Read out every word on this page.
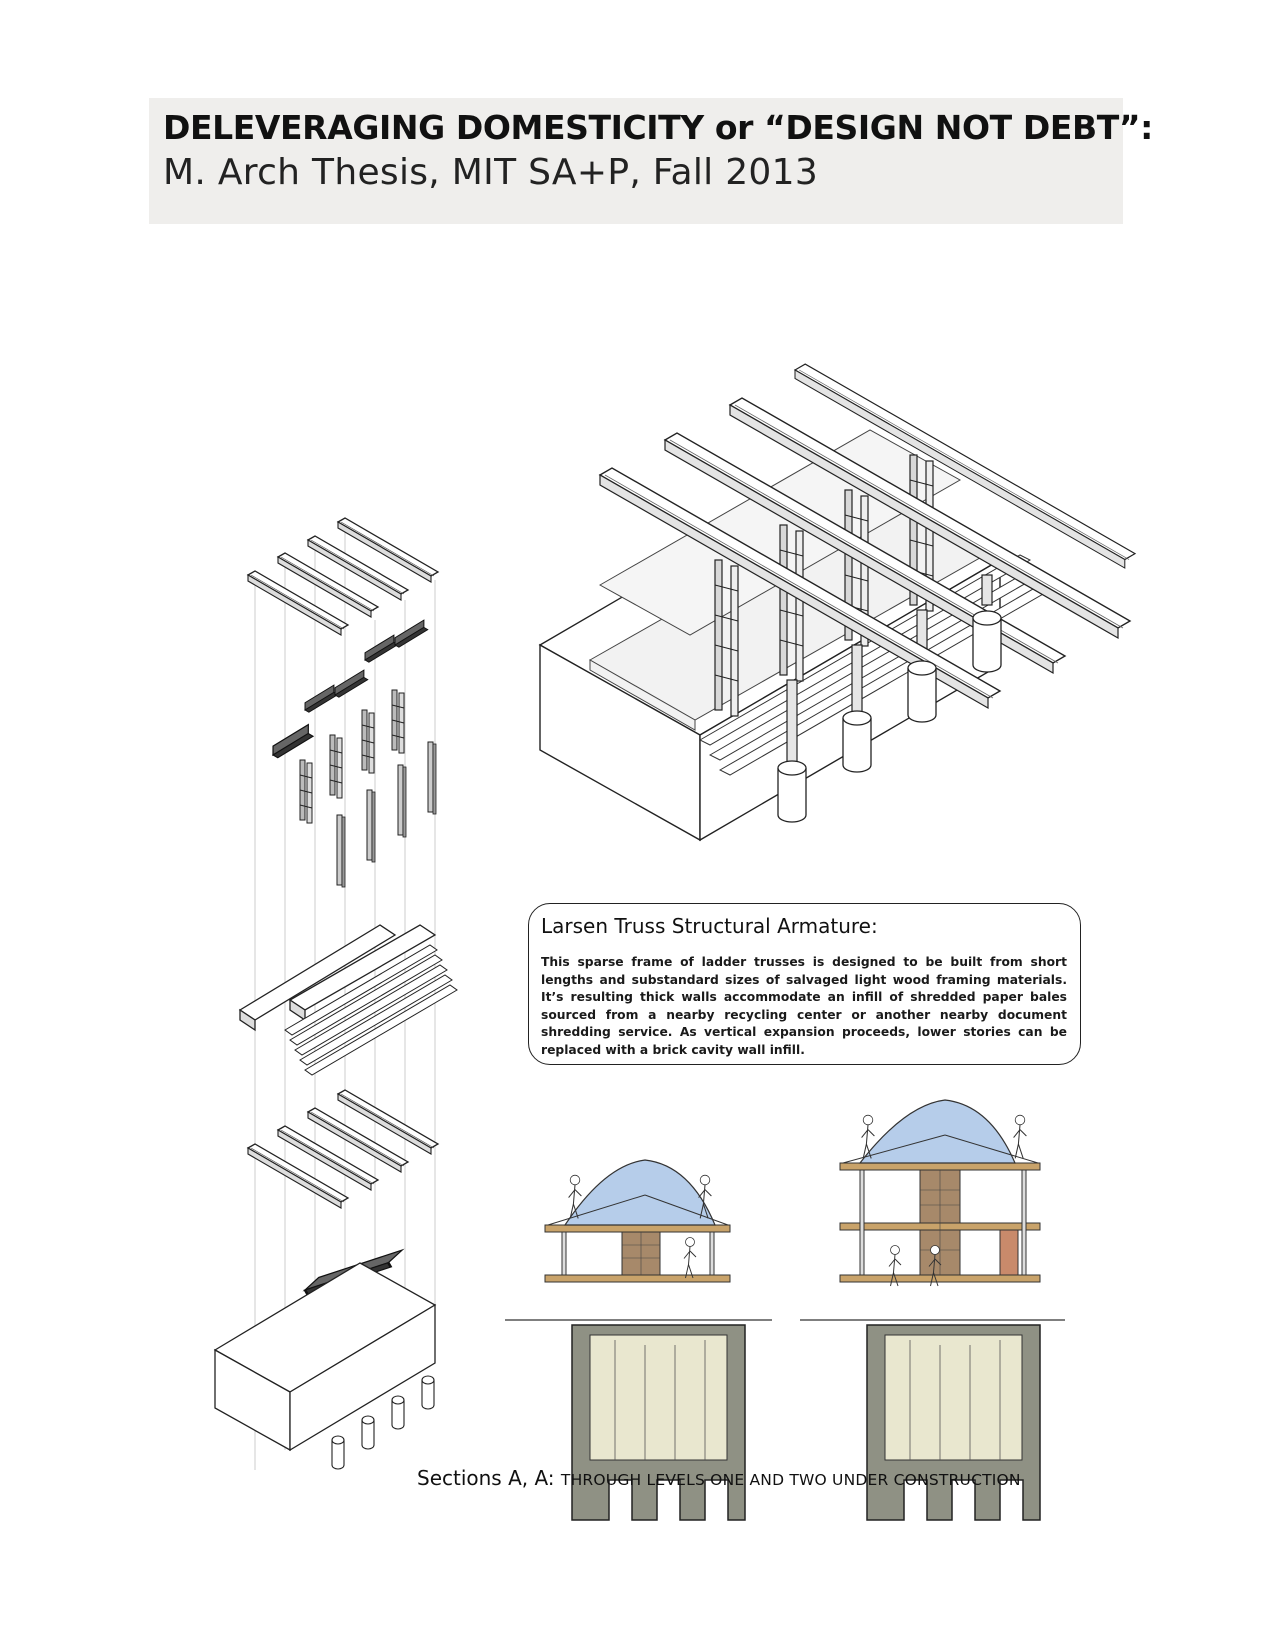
DELEVERAGING DOMESTICITY or “DESIGN NOT DEBT”:
M. Arch Thesis, MIT SA+P, Fall 2013
Larsen Truss Structural Armature:
This sparse frame of ladder trusses is designed to be built from short lengths and substandard sizes of salvaged light wood framing materials. It’s resulting thick walls accommodate an infill of shredded paper bales sourced from a nearby recycling center or another nearby document shredding service. As vertical expansion proceeds, lower stories can be replaced with a brick cavity wall infill.
Sections A, A: THROUGH LEVELS ONE AND TWO UNDER CONSTRUCTION
